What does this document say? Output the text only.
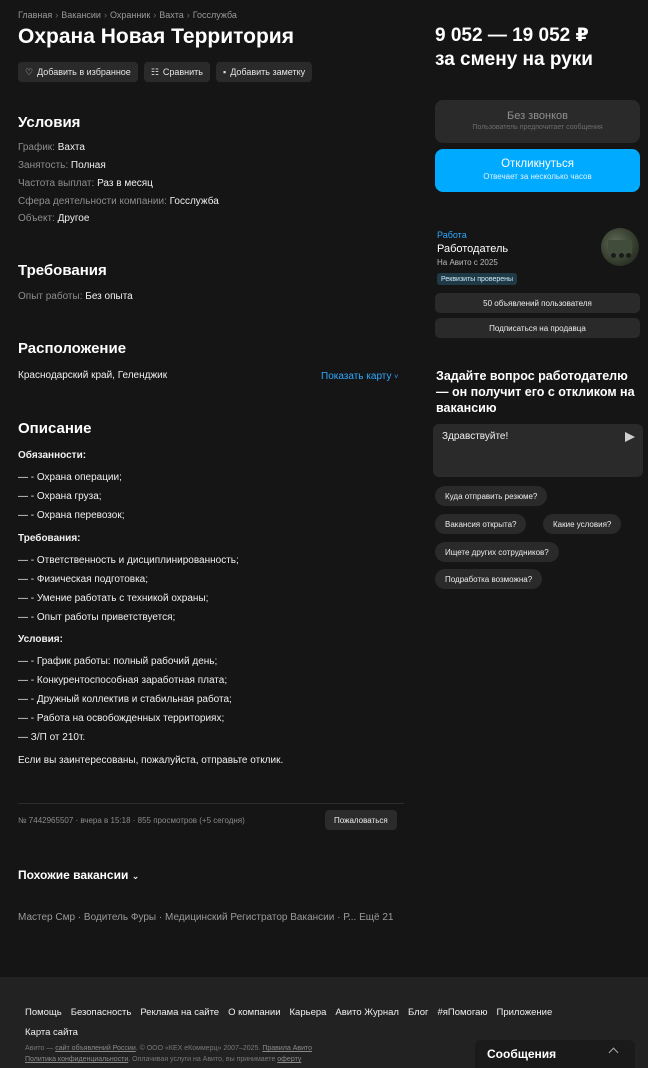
Главная › Вакансии › Охранник › Вахта › Госслужба
Охрана Новая Территория	9 052 — 19 052 ₽
за смену на руки
♡ Добавить в избранное ☷ Сравнить ▪ Добавить заметку
Условия
График: Вахта
Занятость: Полная
Частота выплат: Раз в месяц
Сфера деятельности компании: Госслужба
Объект: Другое
Требования
Опыт работы: Без опыта
Расположение
Краснодарский край, Геленджик	Показать карту ˅
Описание
Обязанности:
— - Охрана операции;
— - Охрана груза;
— - Охрана перевозок;
Требования:
— - Ответственность и дисциплинированность;
— - Физическая подготовка;
— - Умение работать с техникой охраны;
— - Опыт работы приветствуется;
Условия:
— - График работы: полный рабочий день;
— - Конкурентоспособная заработная плата;
— - Дружный коллектив и стабильная работа;
— - Работа на освобожденных территориях;
— З/П от 210т.
Если вы заинтересованы, пожалуйста, отправьте отклик.
№ 7442965507 · вчера в 15:18 · 855 просмотров (+5 сегодня)	Пожаловаться
Похожие вакансии ⌄
Мастер Смр · Водитель Фуры · Медицинский Регистратор Вакансии · Р... Ещё 21
Без звонков
Пользователь предпочитает сообщения
Откликнуться
Отвечает за несколько часов
Работа
Работодатель
На Авито с 2025
Реквизиты проверены
50 объявлений пользователя
Подписаться на продавца
Задайте вопрос работодателю — он получит его с откликом на вакансию
Здравствуйте!
Куда отправить резюме?
Вакансия открыта?	Какие условия?
Ищете других сотрудников?
Подработка возможна?
Помощь Безопасность Реклама на сайте О компании Карьера Авито Журнал Блог #яПомогаю ПриложениеКарта сайта
Авито — сайт объявлений России. © ООО «КЕХ еКоммерц» 2007–2025. Правила Авито
Политика конфиденциальности. Оплачивая услуги на Авито, вы принимаете оферту	Сообщения
